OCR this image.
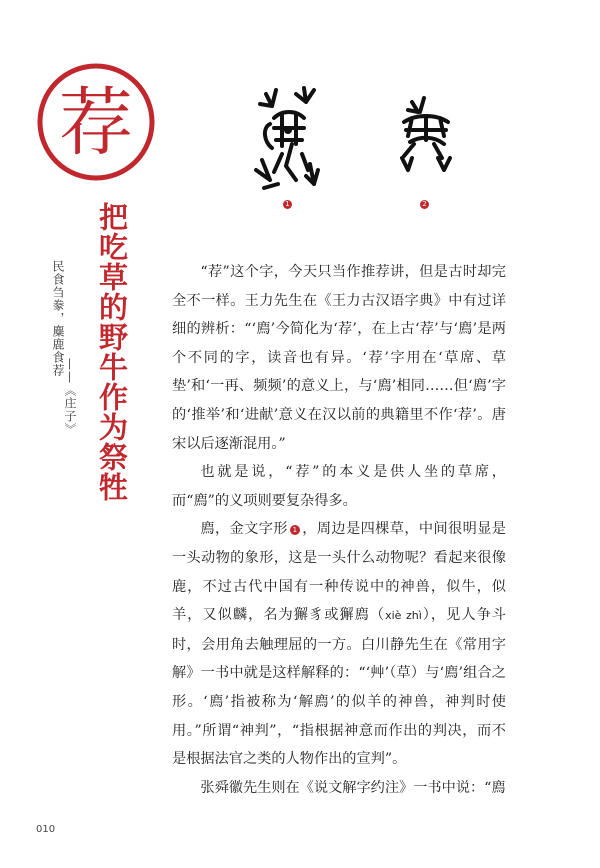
荐
1	2
把吃草的野牛作为祭牲
民食刍豢，麋鹿食荐
——《庄子》

“荐”这个字，今天只当作推荐讲，但是古时却完全不一样。王力先生在《王力古汉语字典》中有过详细的辨析：“‘廌’今简化为‘荐’，在上古‘荐’与‘廌’是两个不同的字，读音也有异。‘荐’字用在‘草席、草垫’和‘一再、频频’的意义上，与‘廌’相同……但‘廌’字的‘推举’和‘进献’意义在汉以前的典籍里不作‘荐’。唐宋以后逐渐混用。”

也就是说，“荐”的本义是供人坐的草席，而“廌”的义项则要复杂得多。

廌，金文字形 1 ，周边是四棵草，中间很明显是一头动物的象形，这是一头什么动物呢？看起来很像鹿，不过古代中国有一种传说中的神兽，似牛，似羊，又似麟，名为獬豸或獬廌（xiè zhì），见人争斗时，会用角去触理屈的一方。白川静先生在《常用字解》一书中就是这样解释的：“‘艸’（草）与‘廌’组合之形。‘廌’指被称为‘解廌’的似羊的神兽，神判时使用。”所谓“神判”，“指根据神意而作出的判决，而不是根据法官之类的人物作出的宣判”。

张舜徽先生则在《说文解字约注》一书中说：“廌

010
